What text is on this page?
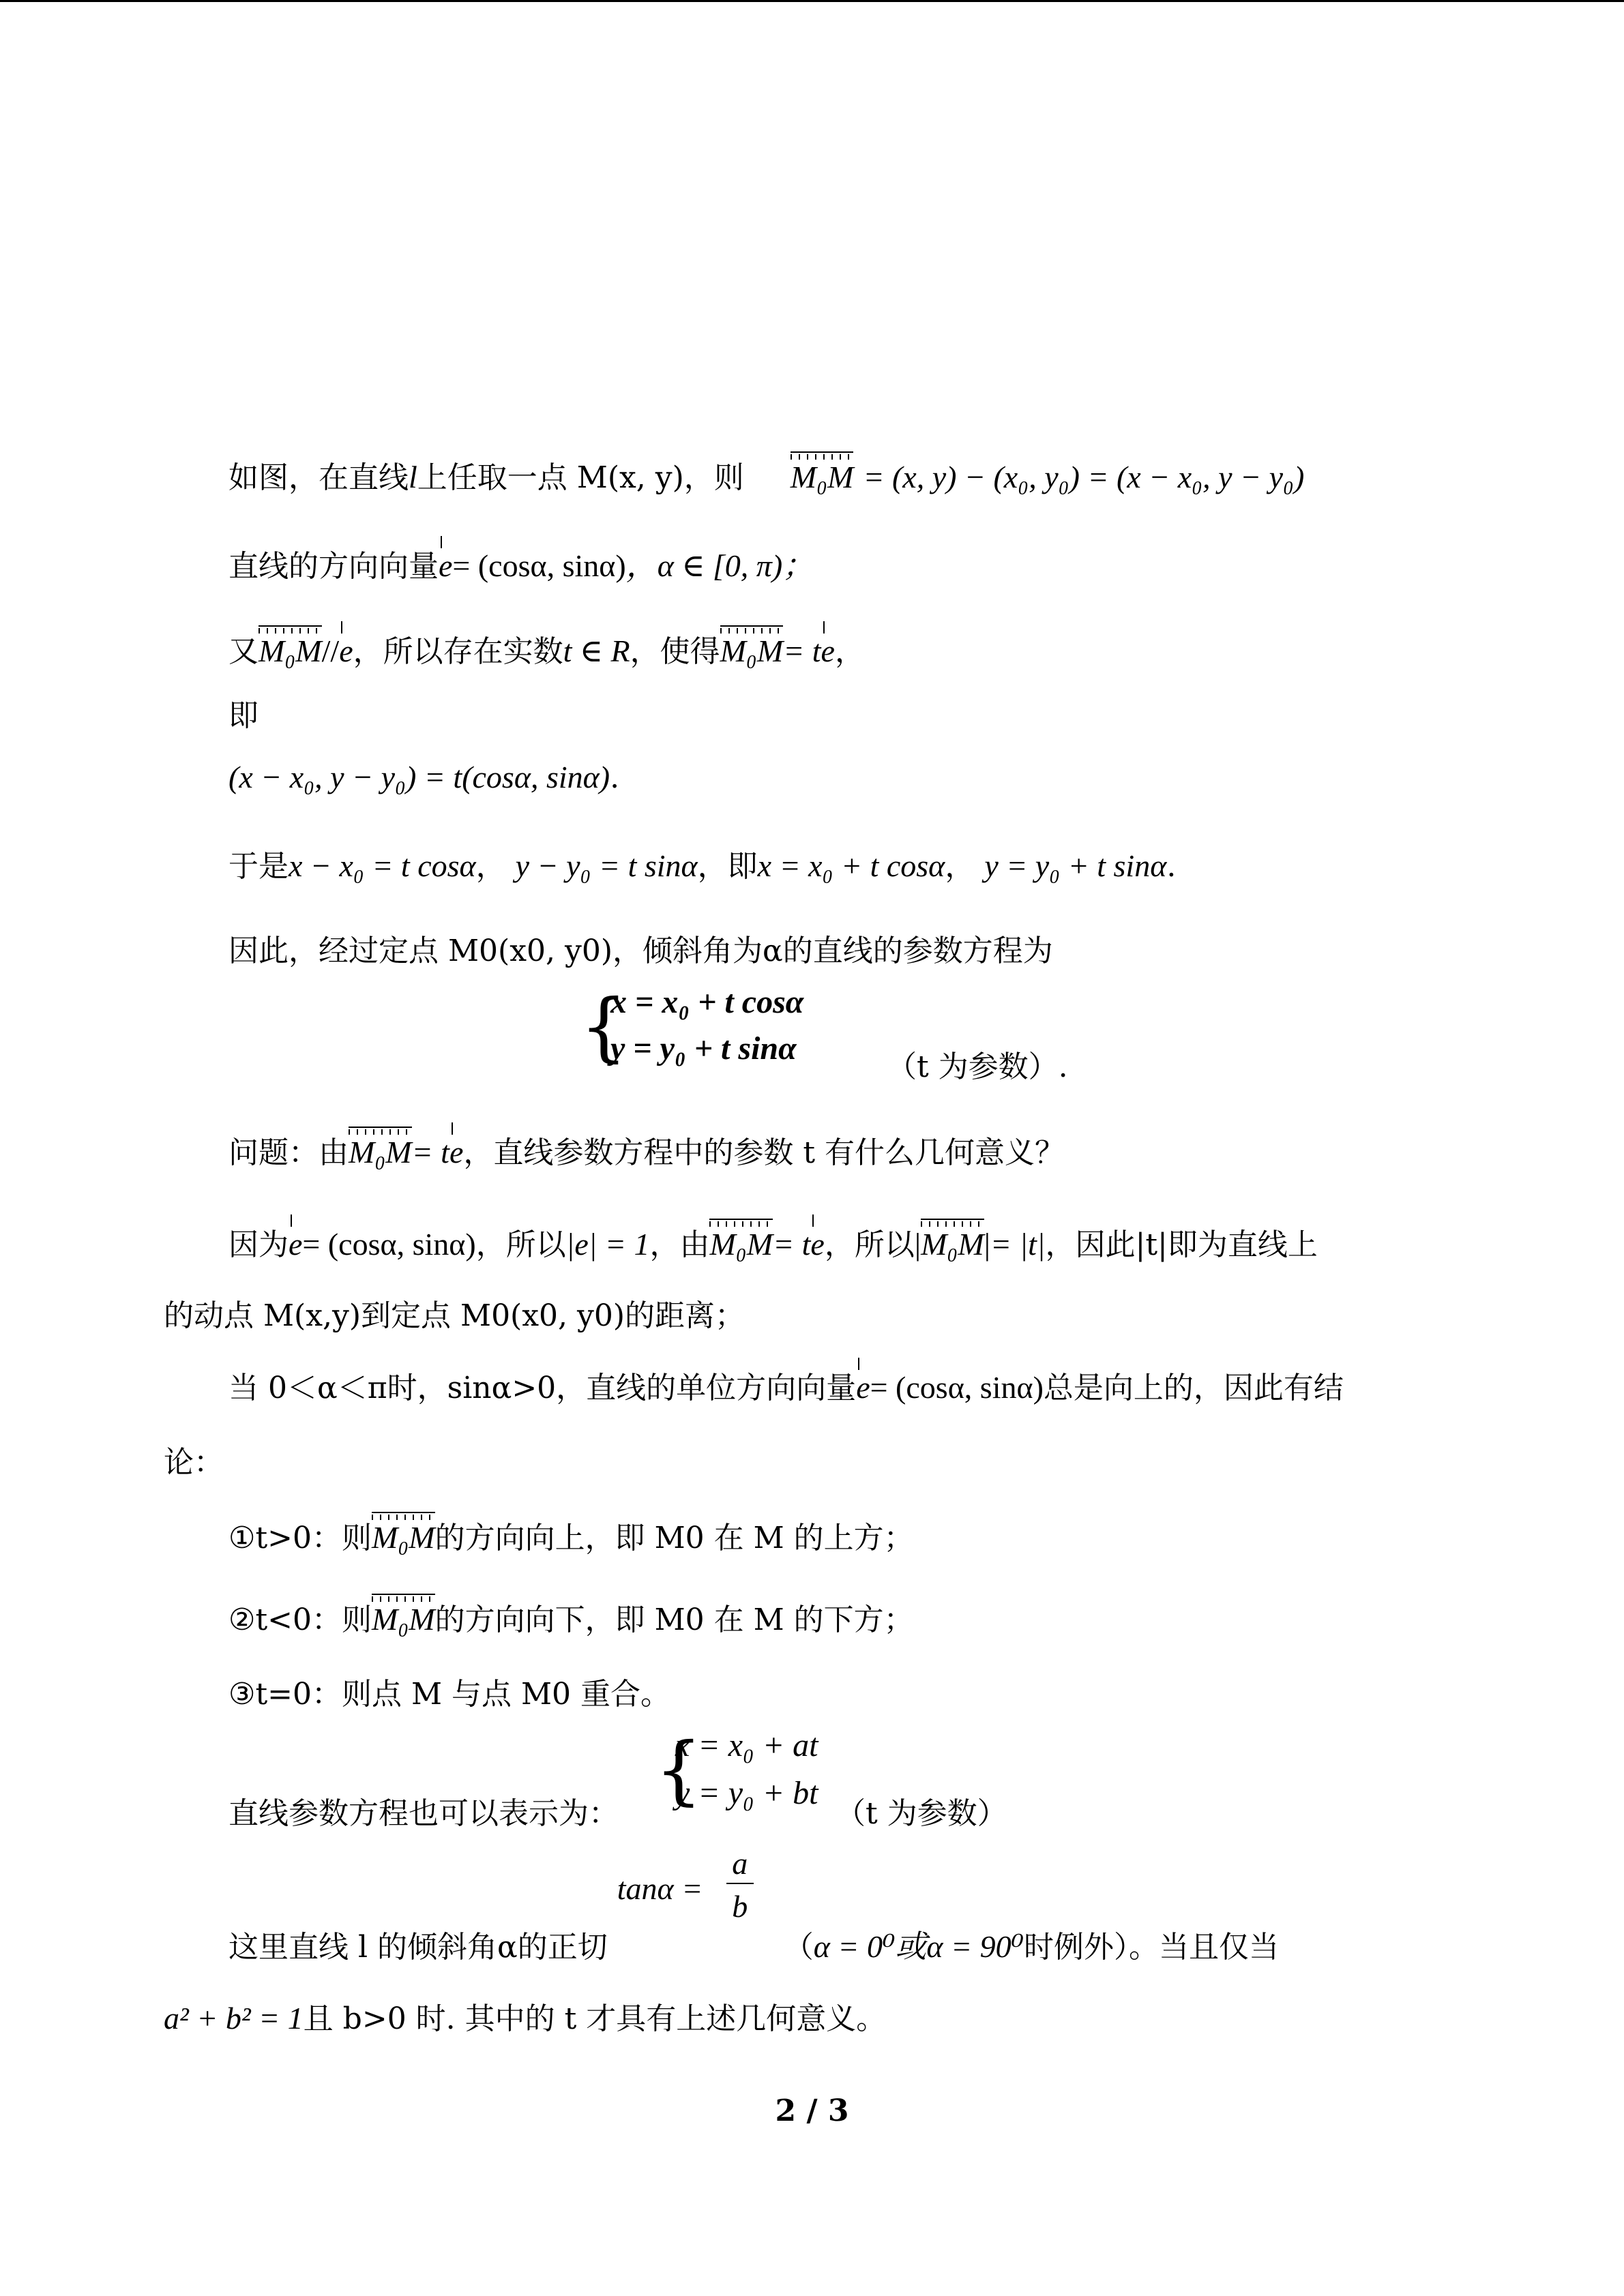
如图，在直线l上任取一点 M(x, y)，则 M₀M = (x, y) − (x₀, y₀) = (x − x₀, y − y₀)
直线的方向向量
e= (cosα, sinα)，α ∈ [0, π)；
又
M₀M//
e，所以存在实数t ∈ R，使得
M₀M= t
e，
即
(x − x₀, y − y₀) = t(cosα, sinα).
于是x − x₀ = t cosα， y − y₀ = t sinα，即x = x₀ + t cosα， y = y₀ + t sinα.
因此，经过定点 M0(x0, y0)，倾斜角为α的直线的参数方程为
{
x = x₀ + t cosα
y = y₀ + t sinα
（t 为参数）.
问题：由
M₀M= t
e，直线参数方程中的参数 t 有什么几何意义？
因为
e= (cosα, sinα)，所以|e| = 1，由
M₀M= t
e，所以|
M₀M|= |t|，因此|t|即为直线上
的动点 M(x,y)到定点 M0(x0, y0)的距离；
当 0＜α＜π时，sinα>0，直线的单位方向向量
e= (cosα, sinα)总是向上的，因此有结
论：
①t>0：则
M₀M的方向向上，即 M0 在 M 的上方；
②t<0：则
M₀M的方向向下，即 M0 在 M 的下方；
③t=0：则点 M 与点 M0 重合。
直线参数方程也可以表示为：
{
x = x₀ + at
y = y₀ + bt
（t 为参数）
这里直线 l 的倾斜角α的正切
tanα =
a
b
（α = 0⁰或α = 90⁰时例外）。当且仅当
a² + b² = 1且 b>0 时. 其中的 t 才具有上述几何意义。
2 / 3
